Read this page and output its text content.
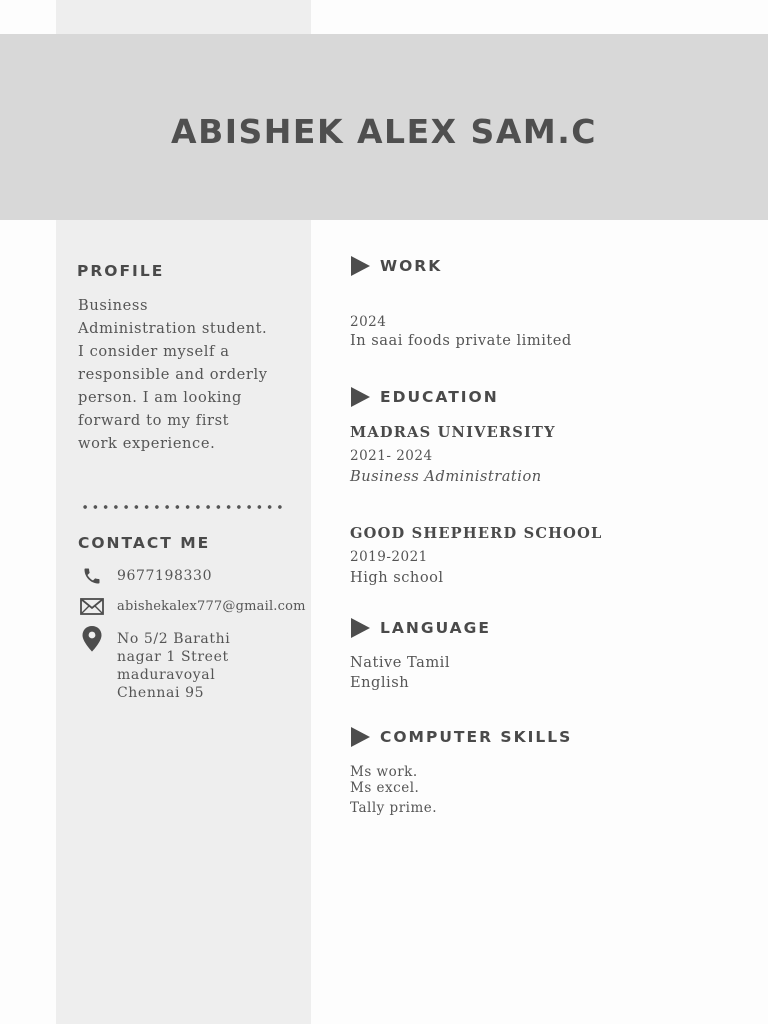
ABISHEK ALEX SAM.C
PROFILE

Business
Administration student.
I consider myself a
responsible and orderly
person. I am looking
forward to my first
work experience.

CONTACT ME

9677198330

abishekalex777@gmail.com

No 5/2 Barathi
nagar 1 Street
maduravoyal
Chennai 95

WORK

2024

In saai foods private limited

EDUCATION

MADRAS UNIVERSITY

2021- 2024

Business Administration

GOOD SHEPHERD SCHOOL

2019-2021

High school

LANGUAGE

Native Tamil

English

COMPUTER SKILLS

Ms work.

Ms excel.

Tally prime.
